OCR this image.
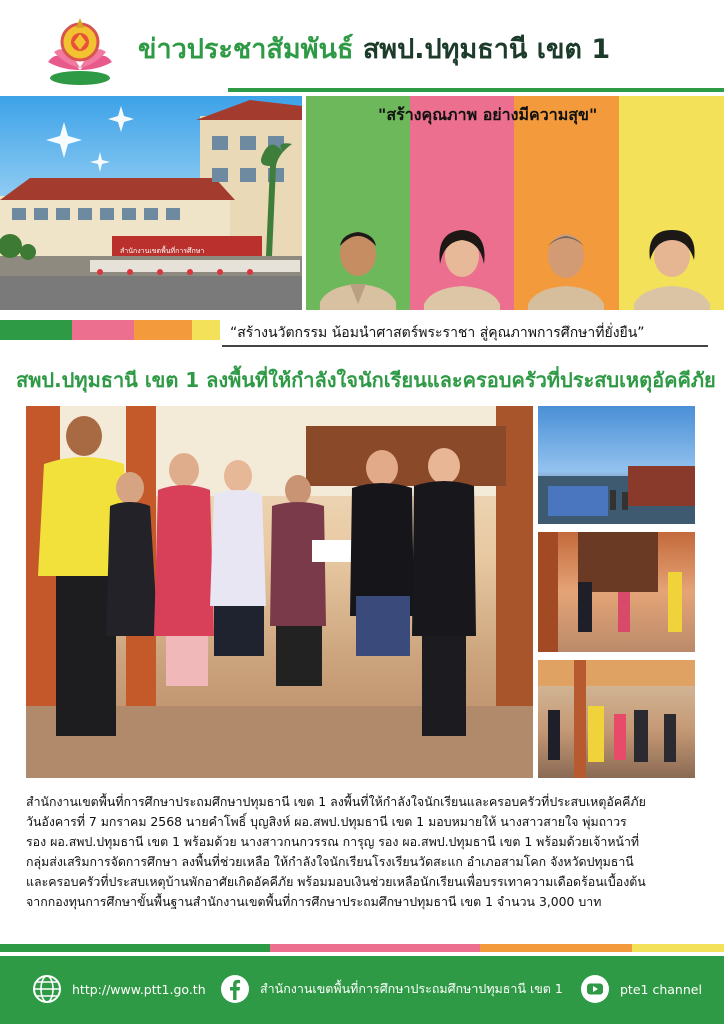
ข่าวประชาสัมพันธ์ สพป.ปทุมธานี เขต 1
สำนักงานเขตพื้นที่การศึกษา
"สร้างคุณภาพ อย่างมีความสุข"
“สร้างนวัตกรรม น้อมนำศาสตร์พระราชา สู่คุณภาพการศึกษาที่ยั่งยืน”
สพป.ปทุมธานี เขต 1 ลงพื้นที่ให้กำลังใจนักเรียนและครอบครัวที่ประสบเหตุอัคคีภัย
สำนักงานเขตพื้นที่การศึกษาประถมศึกษาปทุมธานี เขต 1 ลงพื้นที่ให้กำลังใจนักเรียนและครอบครัวที่ประสบเหตุอัคคีภัย
วันอังคารที่ 7 มกราคม 2568 นายคำโพธิ์ บุญสิงห์ ผอ.สพป.ปทุมธานี เขต 1 มอบหมายให้ นางสาวสายใจ พุ่มถาวร
รอง ผอ.สพป.ปทุมธานี เขต 1 พร้อมด้วย นางสาวกนกวรรณ การุญ รอง ผอ.สพป.ปทุมธานี เขต 1 พร้อมด้วยเจ้าหน้าที่
กลุ่มส่งเสริมการจัดการศึกษา ลงพื้นที่ช่วยเหลือ ให้กำลังใจนักเรียนโรงเรียนวัดสะแก อำเภอสามโคก จังหวัดปทุมธานี
และครอบครัวที่ประสบเหตุบ้านพักอาศัยเกิดอัคคีภัย พร้อมมอบเงินช่วยเหลือนักเรียนเพื่อบรรเทาความเดือดร้อนเบื้องต้น
จากกองทุนการศึกษาขั้นพื้นฐานสำนักงานเขตพื้นที่การศึกษาประถมศึกษาปทุมธานี เขต 1 จำนวน 3,000 บาท
http://www.ptt1.go.th	สำนักงานเขตพื้นที่การศึกษาประถมศึกษาปทุมธานี เขต 1	pte1 channel
